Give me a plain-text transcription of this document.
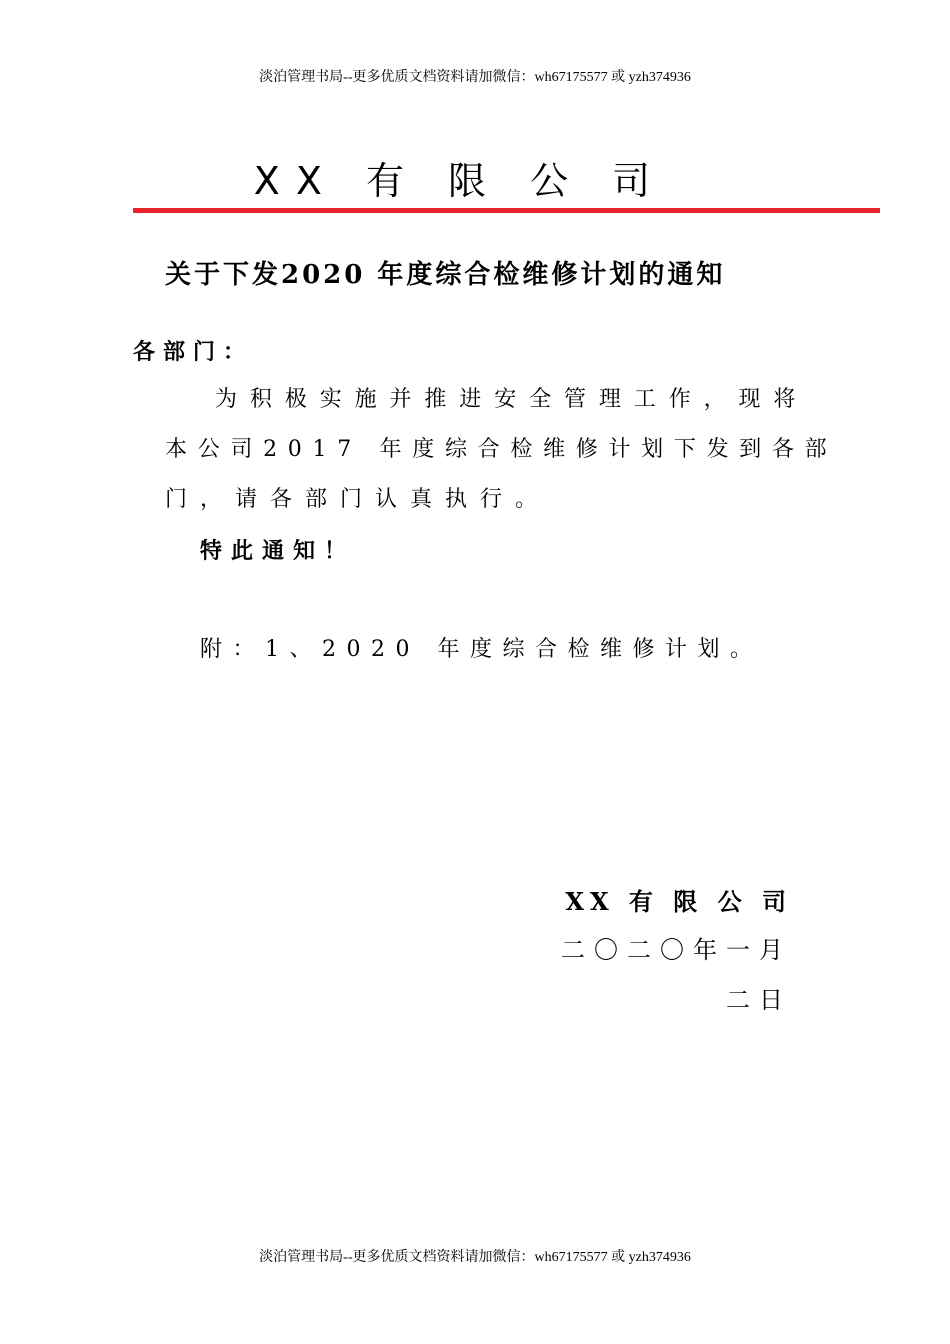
淡泊管理书局--更多优质文档资料请加微信：wh67175577 或 yzh374936
XX 有 限 公 司
关于下发2020 年度综合检维修计划的通知
各部门：
为积极实施并推进安全管理工作，现将
本公司2017 年度综合检维修计划下发到各部
门，请各部门认真执行。
特此通知！
附：1、2020 年度综合检维修计划。
XX 有 限 公 司
二〇二〇年一月
二日
淡泊管理书局--更多优质文档资料请加微信：wh67175577 或 yzh374936
